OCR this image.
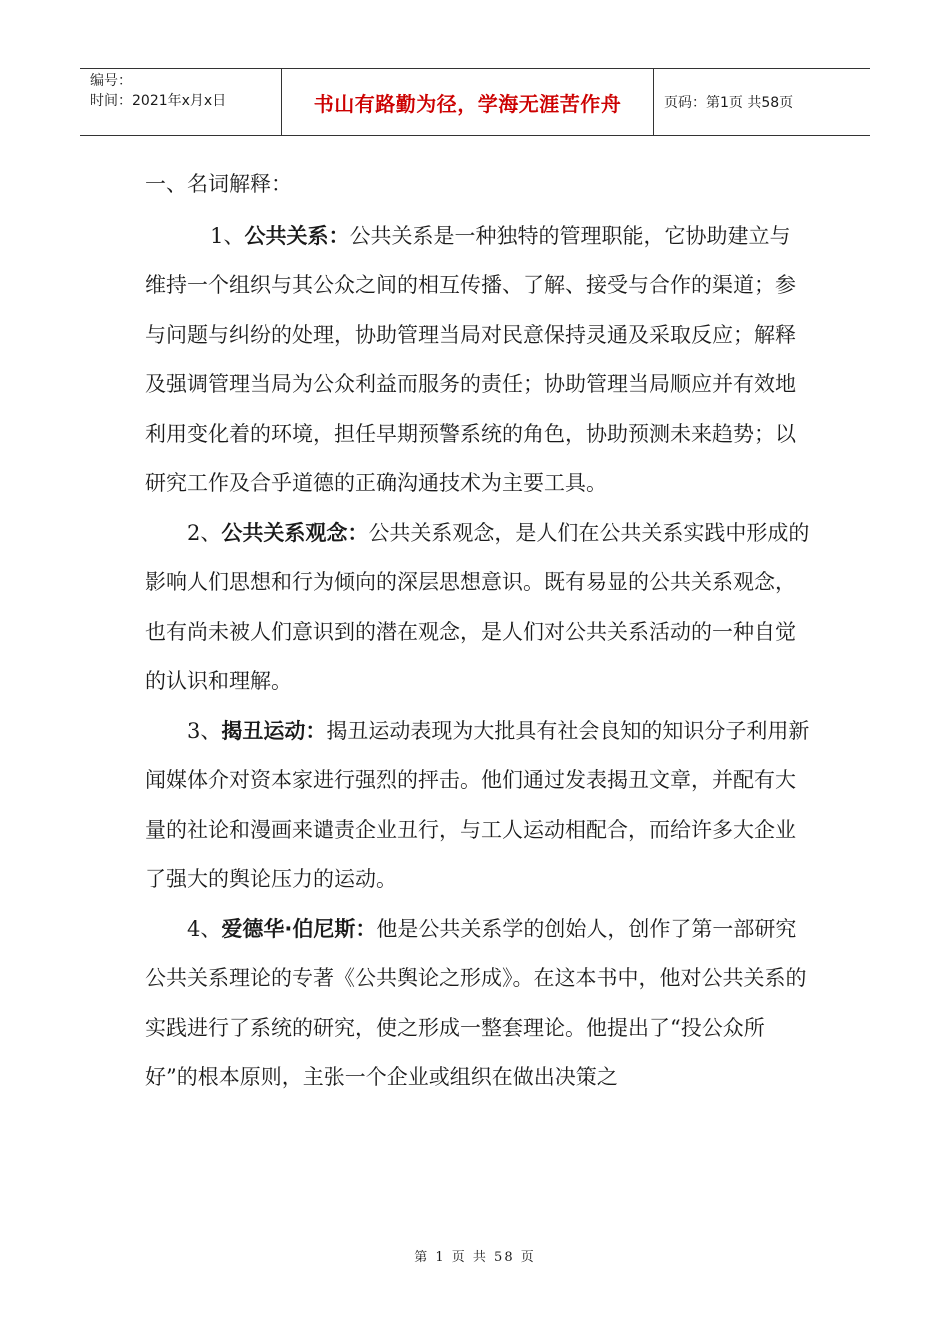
编号：
时间：2021年x月x日	书山有路勤为径，学海无涯苦作舟	页码：第1页 共58页

一、名词解释：

1、公共关系：公共关系是一种独特的管理职能，它协助建立与维持一个组织与其公众之间的相互传播、了解、接受与合作的渠道；参与问题与纠纷的处理，协助管理当局对民意保持灵通及采取反应；解释及强调管理当局为公众利益而服务的责任；协助管理当局顺应并有效地利用变化着的环境，担任早期预警系统的角色，协助预测未来趋势；以研究工作及合乎道德的正确沟通技术为主要工具。

2、公共关系观念：公共关系观念，是人们在公共关系实践中形成的影响人们思想和行为倾向的深层思想意识。既有易显的公共关系观念，也有尚未被人们意识到的潜在观念，是人们对公共关系活动的一种自觉的认识和理解。

3、揭丑运动：揭丑运动表现为大批具有社会良知的知识分子利用新闻媒体介对资本家进行强烈的抨击。他们通过发表揭丑文章，并配有大量的社论和漫画来谴责企业丑行，与工人运动相配合，而给许多大企业了强大的舆论压力的运动。

4、爱德华·伯尼斯：他是公共关系学的创始人，创作了第一部研究公共关系理论的专著《公共舆论之形成》。在这本书中，他对公共关系的实践进行了系统的研究，使之形成一整套理论。他提出了“投公众所好”的根本原则，主张一个企业或组织在做出决策之

第 1 页 共 58 页
